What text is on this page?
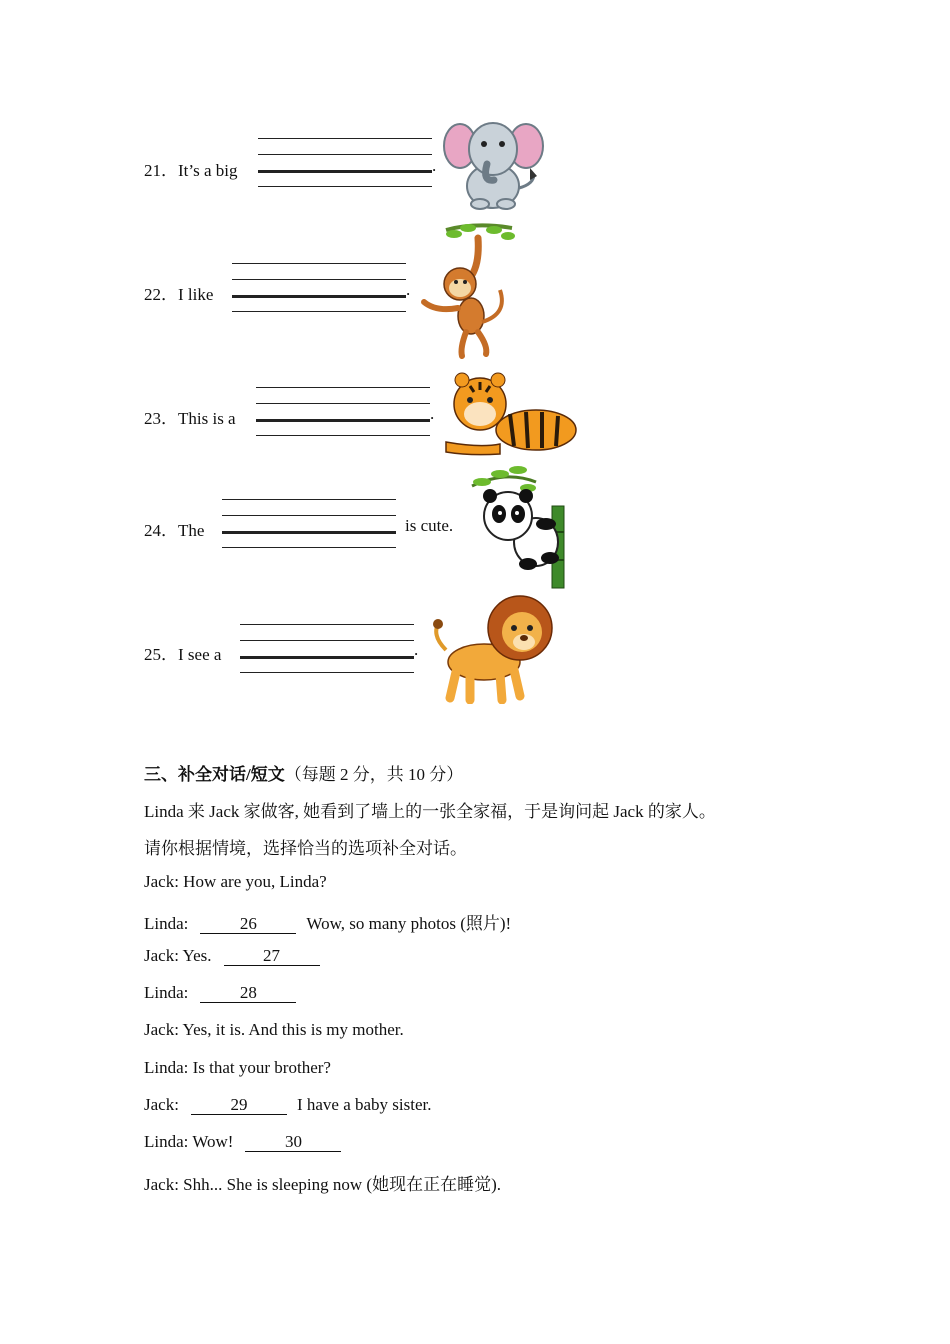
21．It’s a big	.
22．I like	.
23．This is a	.
24．The	is cute.
25．I see a	.
三、补全对话/短文（每题 2 分，共 10 分）
Linda 来 Jack 家做客, 她看到了墙上的一张全家福，于是询问起 Jack 的家人。
请你根据情境，选择恰当的选项补全对话。
Jack: How are you, Linda?
Linda:	26	Wow, so many photos (照片)!
Jack: Yes.	27
Linda:	28
Jack: Yes, it is. And this is my mother.
Linda: Is that your brother?
Jack:	29	I have a baby sister.
Linda: Wow!	30
Jack: Shh... She is sleeping now (她现在正在睡觉).
